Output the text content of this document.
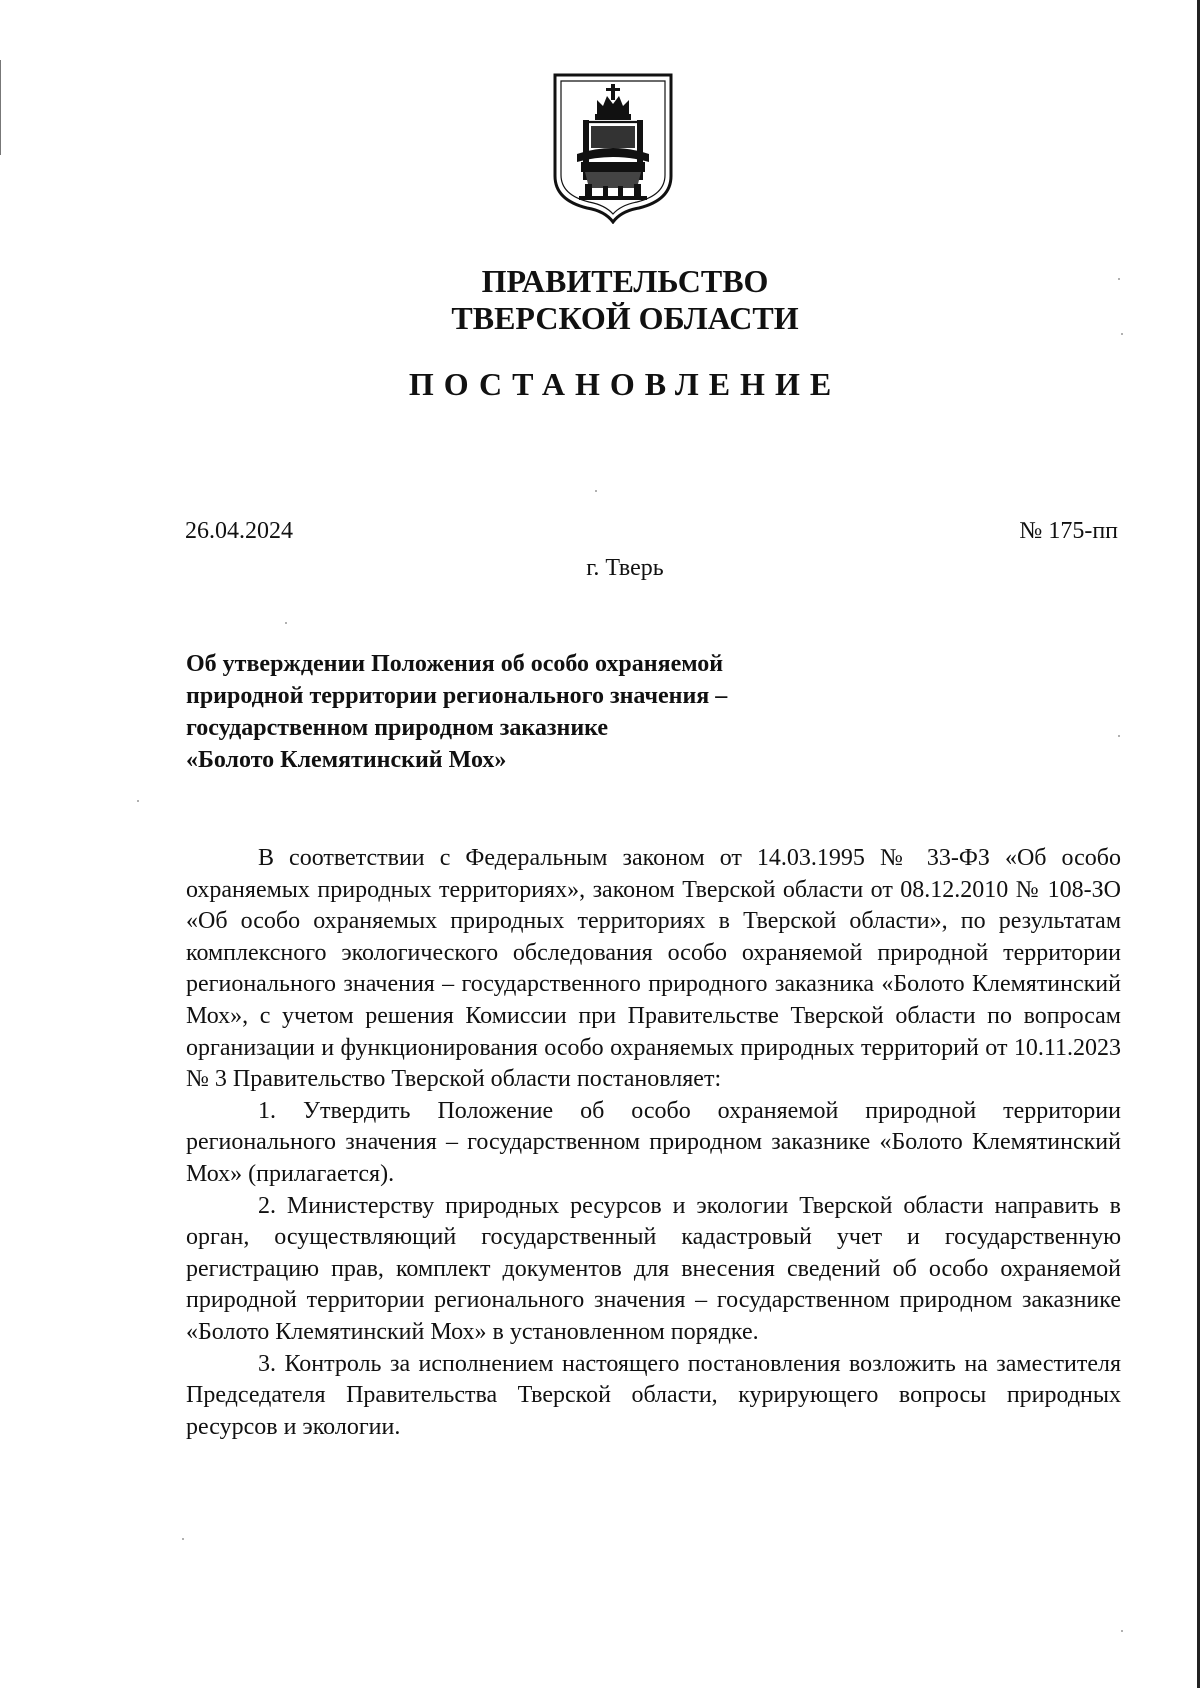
ПРАВИТЕЛЬСТВО
ТВЕРСКОЙ ОБЛАСТИ
ПОСТАНОВЛЕНИЕ
26.04.2024	№ 175-пп
г. Тверь
Об утверждении Положения об особо охраняемой
природной территории регионального значения –
государственном природном заказнике
«Болото Клемятинский Мох»

В соответствии с Федеральным законом от 14.03.1995 № 33-ФЗ «Об особо охраняемых природных территориях», законом Тверской области от 08.12.2010 № 108-ЗО «Об особо охраняемых природных территориях в Тверской области», по результатам комплексного экологического обследования особо охраняемой природной территории регионального значения – государственного природного заказника «Болото Клемятинский Мох», с учетом решения Комиссии при Правительстве Тверской области по вопросам организации и функционирования особо охраняемых природных территорий от 10.11.2023 № 3 Правительство Тверской области постановляет:

1. Утвердить Положение об особо охраняемой природной территории регионального значения – государственном природном заказнике «Болото Клемятинский Мох» (прилагается).

2. Министерству природных ресурсов и экологии Тверской области направить в орган, осуществляющий государственный кадастровый учет и государственную регистрацию прав, комплект документов для внесения сведений об особо охраняемой природной территории регионального значения – государственном природном заказнике «Болото Клемятинский Мох» в установленном порядке.

3. Контроль за исполнением настоящего постановления возложить на заместителя Председателя Правительства Тверской области, курирующего вопросы природных ресурсов и экологии.
